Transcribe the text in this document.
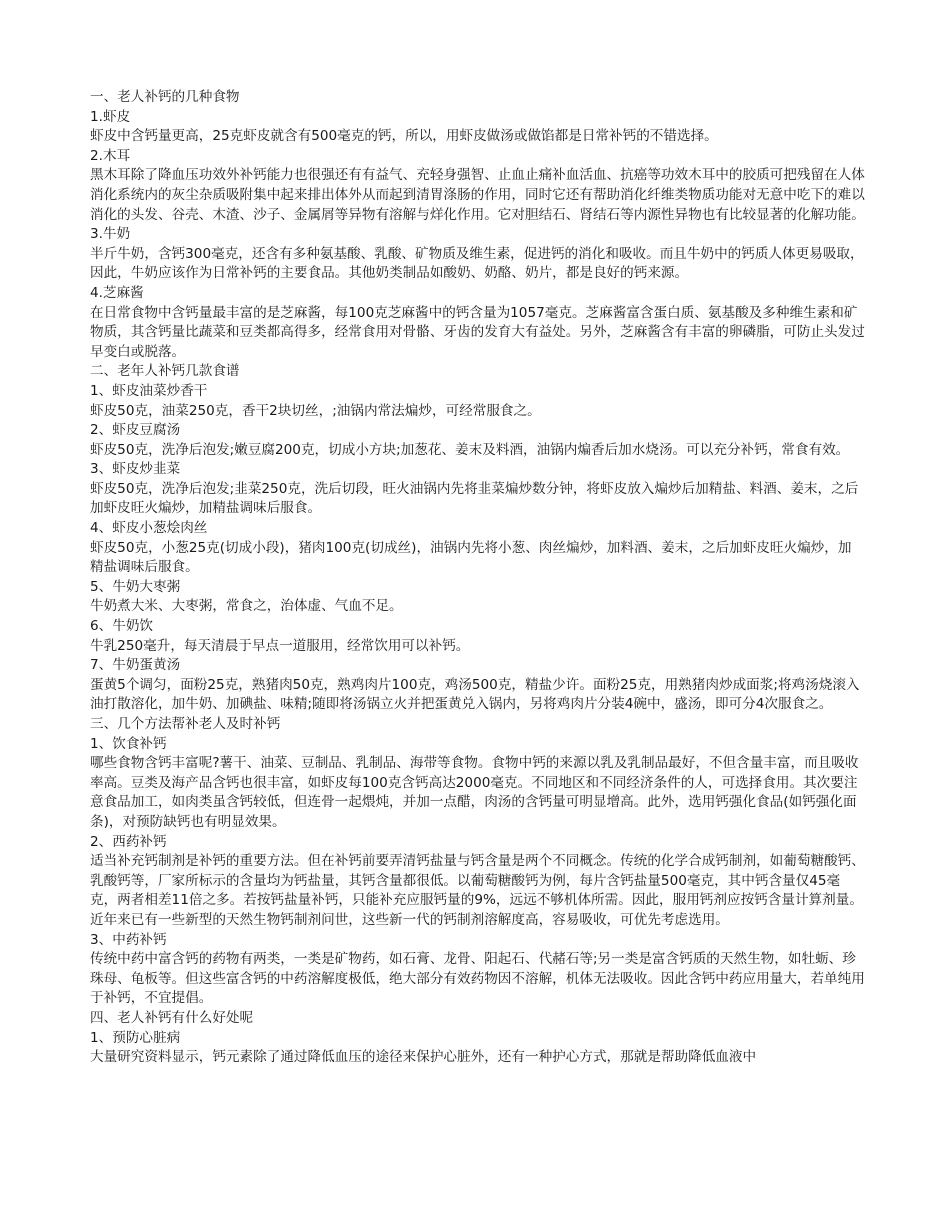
一、老人补钙的几种食物

1.虾皮

虾皮中含钙量更高，25克虾皮就含有500毫克的钙，所以，用虾皮做汤或做馅都是日常补钙的不错选择。

2.木耳

黑木耳除了降血压功效外补钙能力也很强还有有益气、充轻身强智、止血止痛补血活血、抗癌等功效木耳中的胶质可把残留在人体消化系统内的灰尘杂质吸附集中起来排出体外从而起到清胃涤肠的作用，同时它还有帮助消化纤维类物质功能对无意中吃下的难以消化的头发、谷壳、木渣、沙子、金属屑等异物有溶解与烊化作用。它对胆结石、肾结石等内源性异物也有比较显著的化解功能。

3.牛奶

半斤牛奶，含钙300毫克，还含有多种氨基酸、乳酸、矿物质及维生素，促进钙的消化和吸收。而且牛奶中的钙质人体更易吸取，因此，牛奶应该作为日常补钙的主要食品。其他奶类制品如酸奶、奶酪、奶片，都是良好的钙来源。

4.芝麻酱

在日常食物中含钙量最丰富的是芝麻酱，每100克芝麻酱中的钙含量为1057毫克。芝麻酱富含蛋白质、氨基酸及多种维生素和矿物质，其含钙量比蔬菜和豆类都高得多，经常食用对骨骼、牙齿的发育大有益处。另外，芝麻酱含有丰富的卵磷脂，可防止头发过早变白或脱落。

二、老年人补钙几款食谱

1、虾皮油菜炒香干

虾皮50克，油菜250克，香干2块切丝，;油锅内常法煸炒，可经常服食之。

2、虾皮豆腐汤

虾皮50克，洗净后泡发;嫩豆腐200克，切成小方块;加葱花、姜末及料酒，油锅内煸香后加水烧汤。可以充分补钙，常食有效。

3、虾皮炒韭菜

虾皮50克，洗净后泡发;韭菜250克，洗后切段，旺火油锅内先将韭菜煸炒数分钟，将虾皮放入煸炒后加精盐、料酒、姜末，之后加虾皮旺火煸炒，加精盐调味后服食。

4、虾皮小葱烩肉丝

虾皮50克，小葱25克(切成小段)，猪肉100克(切成丝)，油锅内先将小葱、肉丝煸炒，加料酒、姜末，之后加虾皮旺火煸炒，加精盐调味后服食。

5、牛奶大枣粥

牛奶煮大米、大枣粥，常食之，治体虚、气血不足。

6、牛奶饮

牛乳250毫升，每天清晨于早点一道服用，经常饮用可以补钙。

7、牛奶蛋黄汤

蛋黄5个调匀，面粉25克，熟猪肉50克，熟鸡肉片100克，鸡汤500克，精盐少许。面粉25克，用熟猪肉炒成面浆;将鸡汤烧滚入油打散溶化，加牛奶、加碘盐、味精;随即将汤锅立火并把蛋黄兑入锅内，另将鸡肉片分装4碗中，盛汤，即可分4次服食之。

三、几个方法帮补老人及时补钙

1、饮食补钙

哪些食物含钙丰富呢?薯干、油菜、豆制品、乳制品、海带等食物。食物中钙的来源以乳及乳制品最好，不但含量丰富，而且吸收率高。豆类及海产品含钙也很丰富，如虾皮每100克含钙高达2000毫克。不同地区和不同经济条件的人，可选择食用。其次要注意食品加工，如肉类虽含钙较低，但连骨一起煨炖，并加一点醋，肉汤的含钙量可明显增高。此外，选用钙强化食品(如钙强化面条)，对预防缺钙也有明显效果。

2、西药补钙

适当补充钙制剂是补钙的重要方法。但在补钙前要弄清钙盐量与钙含量是两个不同概念。传统的化学合成钙制剂，如葡萄糖酸钙、乳酸钙等，厂家所标示的含量均为钙盐量，其钙含量都很低。以葡萄糖酸钙为例，每片含钙盐量500毫克，其中钙含量仅45毫克，两者相差11倍之多。若按钙盐量补钙，只能补充应服钙量的9%，远远不够机体所需。因此，服用钙剂应按钙含量计算剂量。

近年来已有一些新型的天然生物钙制剂问世，这些新一代的钙制剂溶解度高，容易吸收，可优先考虑选用。

3、中药补钙

传统中药中富含钙的药物有两类，一类是矿物药，如石膏、龙骨、阳起石、代赭石等;另一类是富含钙质的天然生物，如牡蛎、珍珠母、龟板等。但这些富含钙的中药溶解度极低，绝大部分有效药物因不溶解，机体无法吸收。因此含钙中药应用量大，若单纯用于补钙，不宜提倡。

四、老人补钙有什么好处呢

1、预防心脏病

大量研究资料显示，钙元素除了通过降低血压的途径来保护心脏外，还有一种护心方式，那就是帮助降低血液中
